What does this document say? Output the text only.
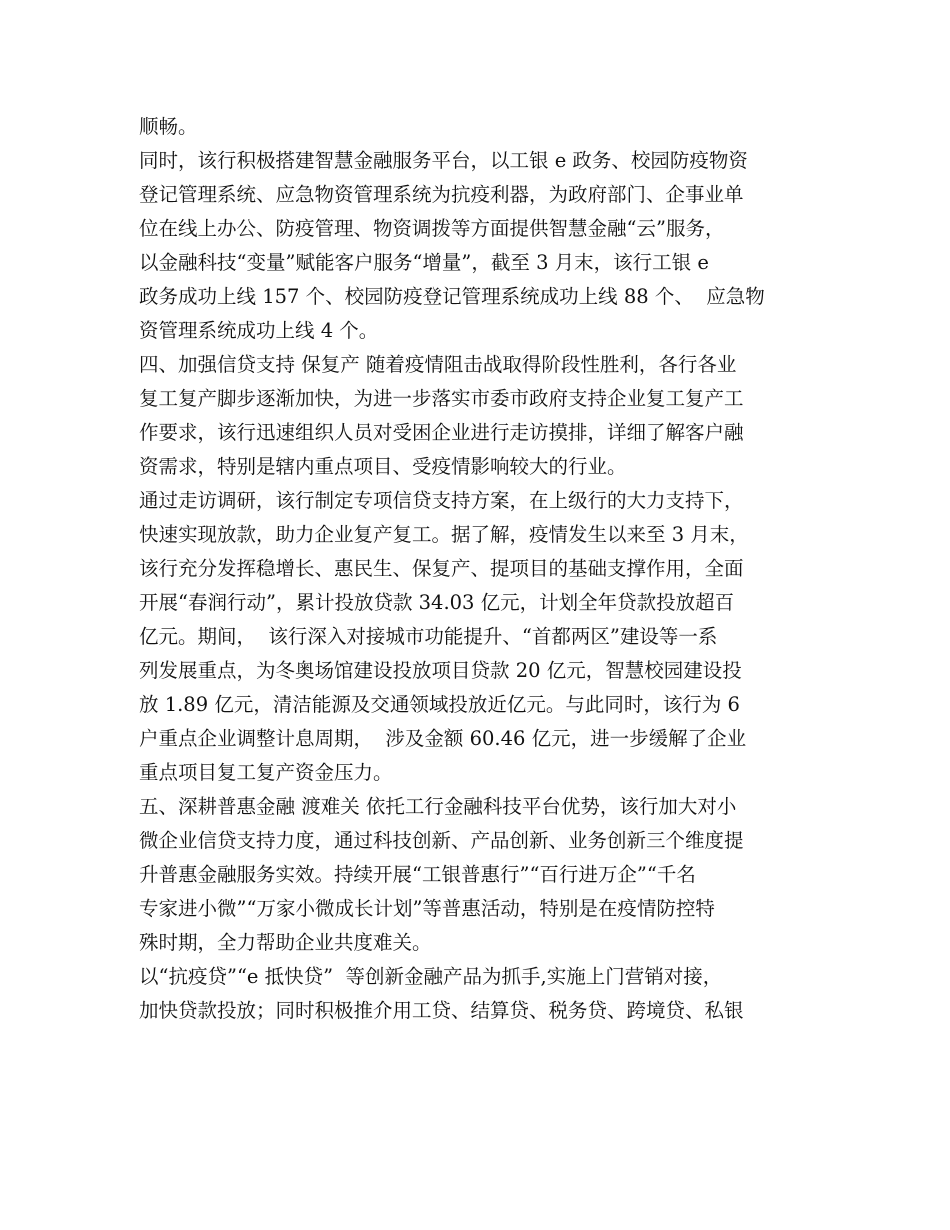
顺畅。
同时，该行积极搭建智慧金融服务平台，以工银 e 政务、校园防疫物资
登记管理系统、应急物资管理系统为抗疫利器，为政府部门、企事业单
位在线上办公、防疫管理、物资调拨等方面提供智慧金融“云”服务，
以金融科技“变量”赋能客户服务“增量”，截至 3 月末，该行工银 e
政务成功上线 157 个、校园防疫登记管理系统成功上线 88 个、  应急物
资管理系统成功上线 4 个。
四、加强信贷支持 保复产 随着疫情阻击战取得阶段性胜利，各行各业
复工复产脚步逐渐加快，为进一步落实市委市政府支持企业复工复产工
作要求，该行迅速组织人员对受困企业进行走访摸排，详细了解客户融
资需求，特别是辖内重点项目、受疫情影响较大的行业。
通过走访调研，该行制定专项信贷支持方案，在上级行的大力支持下，
快速实现放款，助力企业复产复工。据了解，疫情发生以来至 3 月末，
该行充分发挥稳增长、惠民生、保复产、提项目的基础支撑作用，全面
开展“春润行动”，累计投放贷款 34.03 亿元，计划全年贷款投放超百
亿元。期间，  该行深入对接城市功能提升、“首都两区”建设等一系
列发展重点，为冬奥场馆建设投放项目贷款 20 亿元，智慧校园建设投
放 1.89 亿元，清洁能源及交通领域投放近亿元。与此同时，该行为 6
户重点企业调整计息周期，  涉及金额 60.46 亿元，进一步缓解了企业
重点项目复工复产资金压力。
五、深耕普惠金融 渡难关 依托工行金融科技平台优势，该行加大对小
微企业信贷支持力度，通过科技创新、产品创新、业务创新三个维度提
升普惠金融服务实效。持续开展“工银普惠行”“百行进万企”“千名
专家进小微”“万家小微成长计划”等普惠活动，特别是在疫情防控特
殊时期，全力帮助企业共度难关。
以“抗疫贷”“e 抵快贷”  等创新金融产品为抓手,实施上门营销对接，
加快贷款投放；同时积极推介用工贷、结算贷、税务贷、跨境贷、私银
